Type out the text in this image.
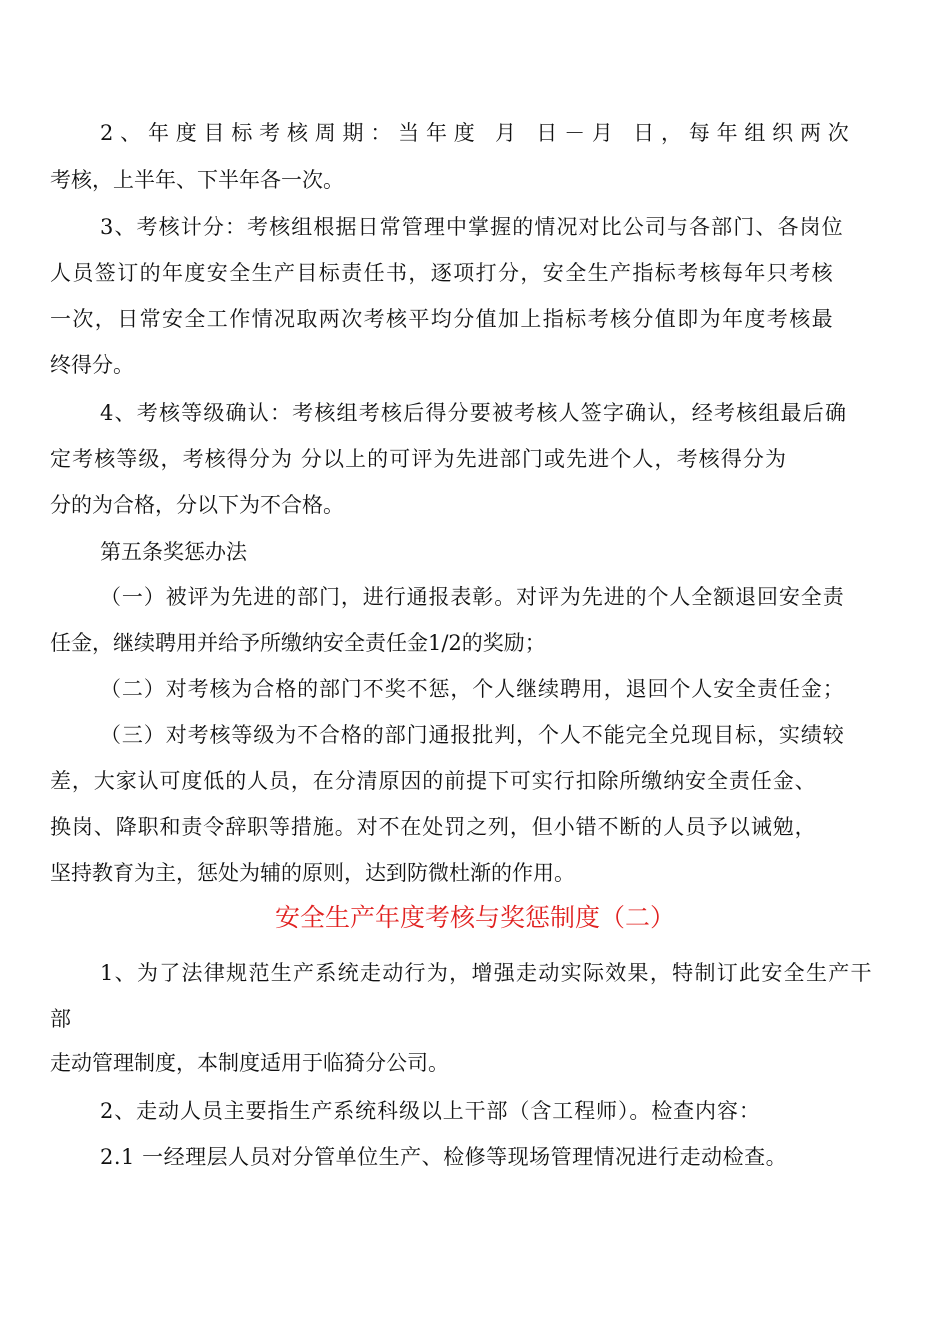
2、年度目标考核周期：当年度 月 日－月 日，每年组织两次
考核，上半年、下半年各一次。
3、考核计分：考核组根据日常管理中掌握的情况对比公司与各部门、各岗位
人员签订的年度安全生产目标责任书，逐项打分，安全生产指标考核每年只考核
一次，日常安全工作情况取两次考核平均分值加上指标考核分值即为年度考核最
终得分。
4、考核等级确认：考核组考核后得分要被考核人签字确认，经考核组最后确
定考核等级，考核得分为 分以上的可评为先进部门或先进个人，考核得分为
分的为合格，分以下为不合格。
第五条奖惩办法
（一）被评为先进的部门，进行通报表彰。对评为先进的个人全额退回安全责
任金，继续聘用并给予所缴纳安全责任金1/2的奖励；
（二）对考核为合格的部门不奖不惩，个人继续聘用，退回个人安全责任金；
（三）对考核等级为不合格的部门通报批判，个人不能完全兑现目标，实绩较
差，大家认可度低的人员，在分清原因的前提下可实行扣除所缴纳安全责任金、
换岗、降职和责令辞职等措施。对不在处罚之列，但小错不断的人员予以诫勉，
坚持教育为主，惩处为辅的原则，达到防微杜渐的作用。
安全生产年度考核与奖惩制度（二）
1、为了法律规范生产系统走动行为，增强走动实际效果，特制订此安全生产干
部
走动管理制度，本制度适用于临猗分公司。
2、走动人员主要指生产系统科级以上干部（含工程师）。检查内容：
2.1 一经理层人员对分管单位生产、检修等现场管理情况进行走动检查。
